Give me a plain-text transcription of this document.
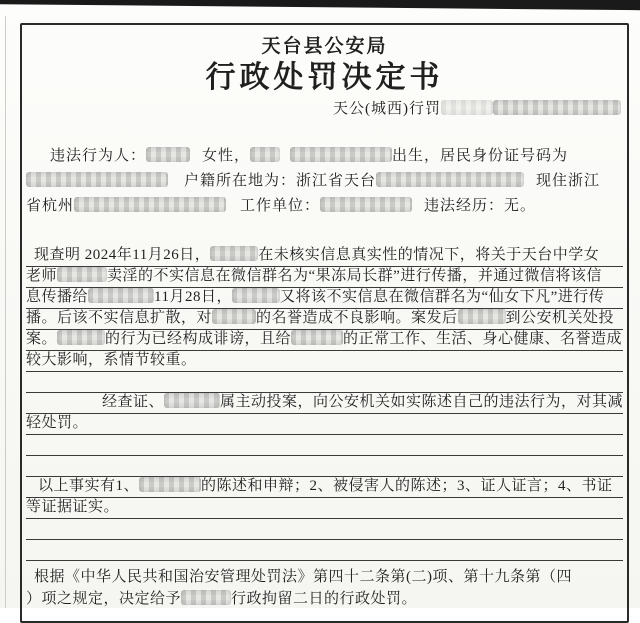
天台县公安局
行政处罚决定书
天公(城西)行罚
违法行为人：	女性，	出生，居民身份证号码为
户籍所在地为：浙江省天台	现住浙江
省杭州	工作单位：	违法经历：无。
现查明 2024年11月26日，	在未核实信息真实性的情况下，将关于天台中学女
老师	卖淫的不实信息在微信群名为“果冻局长群”进行传播，并通过微信将该信
息传播给	11月28日，	又将该不实信息在微信群名为“仙女下凡”进行传
播。后该不实信息扩散，对	的名誉造成不良影响。案发后	到公安机关处投
案。	的行为已经构成诽谤，且给	的正常工作、生活、身心健康、名誉造成
较大影响，系情节较重。
经查证、	属主动投案，向公安机关如实陈述自己的违法行为，对其减
轻处罚。
以上事实有1、	的陈述和申辩；2、被侵害人的陈述；3、证人证言；4、书证
等证据证实。
根据《中华人民共和国治安管理处罚法》第四十二条第(二)项、第十九条第（四
）项之规定，决定给予	行政拘留二日的行政处罚。
